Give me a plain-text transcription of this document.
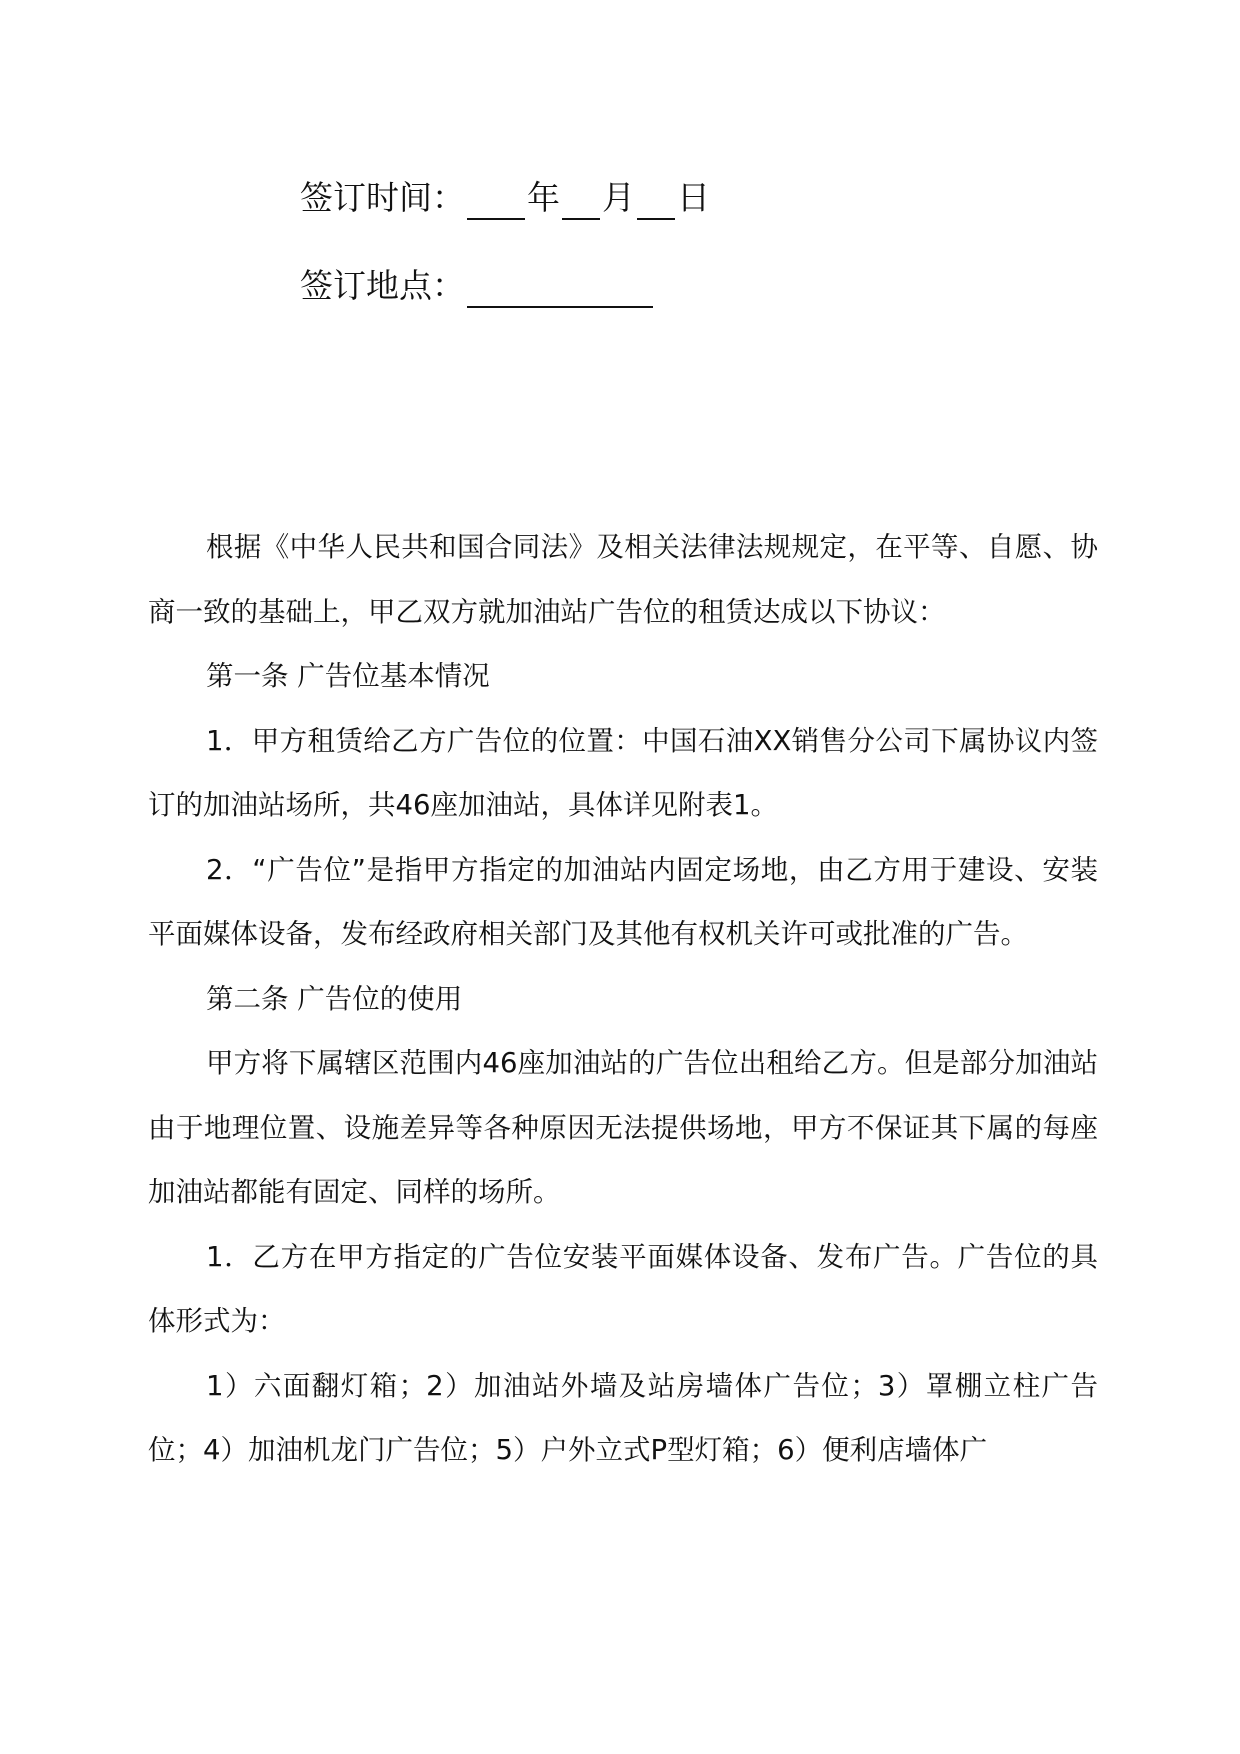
签订时间： 年 月 日
签订地点：

根据《中华人民共和国合同法》及相关法律法规规定，在平等、自愿、协商一致的基础上，甲乙双方就加油站广告位的租赁达成以下协议：

第一条 广告位基本情况

1．甲方租赁给乙方广告位的位置：中国石油XX销售分公司下属协议内签订的加油站场所，共46座加油站，具体详见附表1。

2．“广告位”是指甲方指定的加油站内固定场地，由乙方用于建设、安装平面媒体设备，发布经政府相关部门及其他有权机关许可或批准的广告。

第二条 广告位的使用

甲方将下属辖区范围内46座加油站的广告位出租给乙方。但是部分加油站由于地理位置、设施差异等各种原因无法提供场地，甲方不保证其下属的每座加油站都能有固定、同样的场所。

1．乙方在甲方指定的广告位安装平面媒体设备、发布广告。广告位的具体形式为：

1）六面翻灯箱；2）加油站外墙及站房墙体广告位；3）罩棚立柱广告位；4）加油机龙门广告位；5）户外立式P型灯箱；6）便利店墙体广
